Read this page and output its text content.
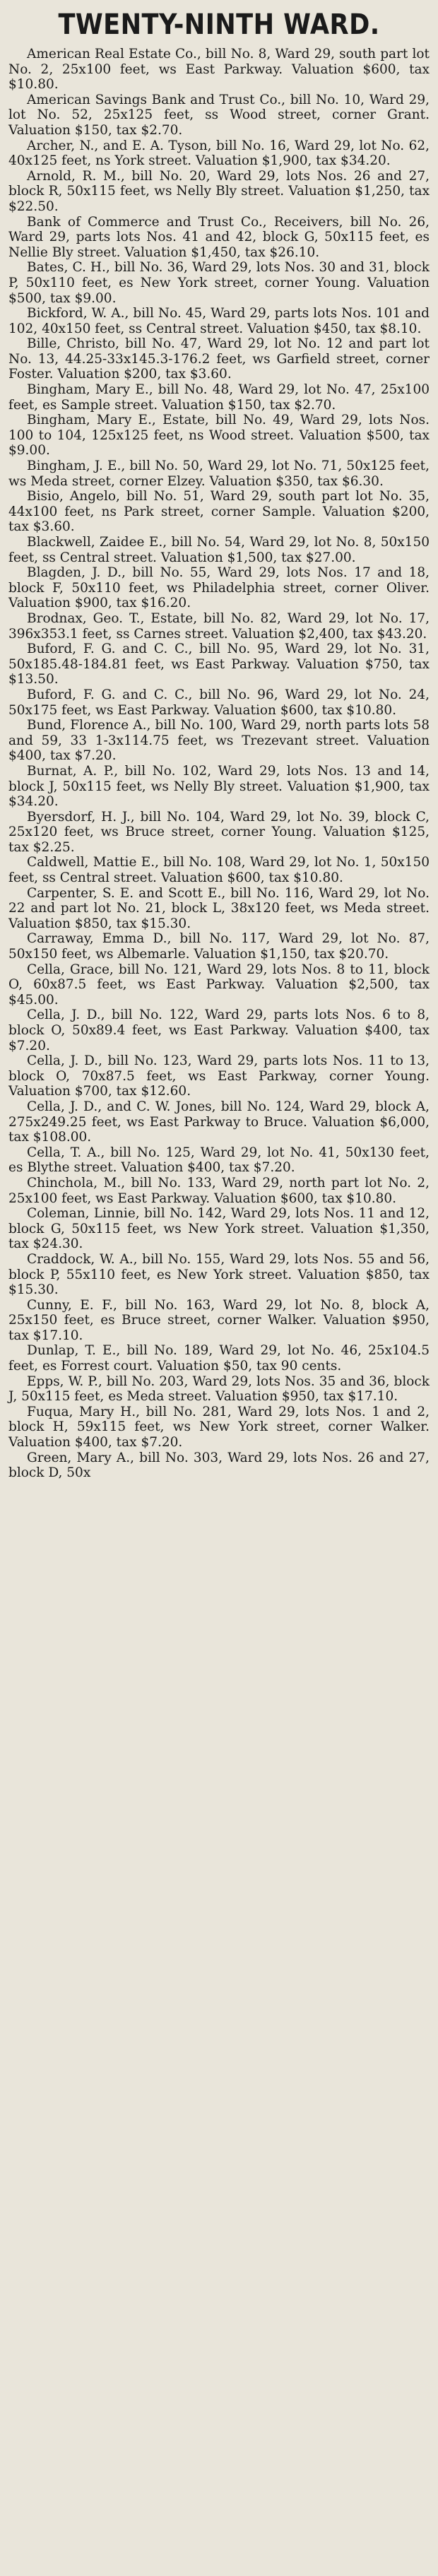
TWENTY-NINTH WARD.

American Real Estate Co., bill No. 8, Ward 29, south part lot No. 2, 25x100 feet, ws East Parkway. Valuation $600, tax $10.80.

American Savings Bank and Trust Co., bill No. 10, Ward 29, lot No. 52, 25x125 feet, ss Wood street, corner Grant. Valuation $150, tax $2.70.

Archer, N., and E. A. Tyson, bill No. 16, Ward 29, lot No. 62, 40x125 feet, ns York street. Valuation $1,900, tax $34.20.

Arnold, R. M., bill No. 20, Ward 29, lots Nos. 26 and 27, block R, 50x115 feet, ws Nelly Bly street. Valuation $1,250, tax $22.50.

Bank of Commerce and Trust Co., Receivers, bill No. 26, Ward 29, parts lots Nos. 41 and 42, block G, 50x115 feet, es Nellie Bly street. Valuation $1,450, tax $26.10.

Bates, C. H., bill No. 36, Ward 29, lots Nos. 30 and 31, block P, 50x110 feet, es New York street, corner Young. Valuation $500, tax $9.00.

Bickford, W. A., bill No. 45, Ward 29, parts lots Nos. 101 and 102, 40x150 feet, ss Central street. Valuation $450, tax $8.10.

Bille, Christo, bill No. 47, Ward 29, lot No. 12 and part lot No. 13, 44.25-33x145.3-176.2 feet, ws Garfield street, corner Foster. Valuation $200, tax $3.60.

Bingham, Mary E., bill No. 48, Ward 29, lot No. 47, 25x100 feet, es Sample street. Valuation $150, tax $2.70.

Bingham, Mary E., Estate, bill No. 49, Ward 29, lots Nos. 100 to 104, 125x125 feet, ns Wood street. Valuation $500, tax $9.00.

Bingham, J. E., bill No. 50, Ward 29, lot No. 71, 50x125 feet, ws Meda street, corner Elzey. Valuation $350, tax $6.30.

Bisio, Angelo, bill No. 51, Ward 29, south part lot No. 35, 44x100 feet, ns Park street, corner Sample. Valuation $200, tax $3.60.

Blackwell, Zaidee E., bill No. 54, Ward 29, lot No. 8, 50x150 feet, ss Central street. Valuation $1,500, tax $27.00.

Blagden, J. D., bill No. 55, Ward 29, lots Nos. 17 and 18, block F, 50x110 feet, ws Philadelphia street, corner Oliver. Valuation $900, tax $16.20.

Brodnax, Geo. T., Estate, bill No. 82, Ward 29, lot No. 17, 396x353.1 feet, ss Carnes street. Valuation $2,400, tax $43.20.

Buford, F. G. and C. C., bill No. 95, Ward 29, lot No. 31, 50x185.48-184.81 feet, ws East Parkway. Valuation $750, tax $13.50.

Buford, F. G. and C. C., bill No. 96, Ward 29, lot No. 24, 50x175 feet, ws East Parkway. Valuation $600, tax $10.80.

Bund, Florence A., bill No. 100, Ward 29, north parts lots 58 and 59, 33 1-3x114.75 feet, ws Trezevant street. Valuation $400, tax $7.20.

Burnat, A. P., bill No. 102, Ward 29, lots Nos. 13 and 14, block J, 50x115 feet, ws Nelly Bly street. Valuation $1,900, tax $34.20.

Byersdorf, H. J., bill No. 104, Ward 29, lot No. 39, block C, 25x120 feet, ws Bruce street, corner Young. Valuation $125, tax $2.25.

Caldwell, Mattie E., bill No. 108, Ward 29, lot No. 1, 50x150 feet, ss Central street. Valuation $600, tax $10.80.

Carpenter, S. E. and Scott E., bill No. 116, Ward 29, lot No. 22 and part lot No. 21, block L, 38x120 feet, ws Meda street. Valuation $850, tax $15.30.

Carraway, Emma D., bill No. 117, Ward 29, lot No. 87, 50x150 feet, ws Albemarle. Valuation $1,150, tax $20.70.

Cella, Grace, bill No. 121, Ward 29, lots Nos. 8 to 11, block O, 60x87.5 feet, ws East Parkway. Valuation $2,500, tax $45.00.

Cella, J. D., bill No. 122, Ward 29, parts lots Nos. 6 to 8, block O, 50x89.4 feet, ws East Parkway. Valuation $400, tax $7.20.

Cella, J. D., bill No. 123, Ward 29, parts lots Nos. 11 to 13, block O, 70x87.5 feet, ws East Parkway, corner Young. Valuation $700, tax $12.60.

Cella, J. D., and C. W. Jones, bill No. 124, Ward 29, block A, 275x249.25 feet, ws East Parkway to Bruce. Valuation $6,000, tax $108.00.

Cella, T. A., bill No. 125, Ward 29, lot No. 41, 50x130 feet, es Blythe street. Valuation $400, tax $7.20.

Chinchola, M., bill No. 133, Ward 29, north part lot No. 2, 25x100 feet, ws East Parkway. Valuation $600, tax $10.80.

Coleman, Linnie, bill No. 142, Ward 29, lots Nos. 11 and 12, block G, 50x115 feet, ws New York street. Valuation $1,350, tax $24.30.

Craddock, W. A., bill No. 155, Ward 29, lots Nos. 55 and 56, block P, 55x110 feet, es New York street. Valuation $850, tax $15.30.

Cunny, E. F., bill No. 163, Ward 29, lot No. 8, block A, 25x150 feet, es Bruce street, corner Walker. Valuation $950, tax $17.10.

Dunlap, T. E., bill No. 189, Ward 29, lot No. 46, 25x104.5 feet, es Forrest court. Valuation $50, tax 90 cents.

Epps, W. P., bill No. 203, Ward 29, lots Nos. 35 and 36, block J, 50x115 feet, es Meda street. Valuation $950, tax $17.10.

Fuqua, Mary H., bill No. 281, Ward 29, lots Nos. 1 and 2, block H, 59x115 feet, ws New York street, corner Walker. Valuation $400, tax $7.20.

Green, Mary A., bill No. 303, Ward 29, lots Nos. 26 and 27, block D, 50x
